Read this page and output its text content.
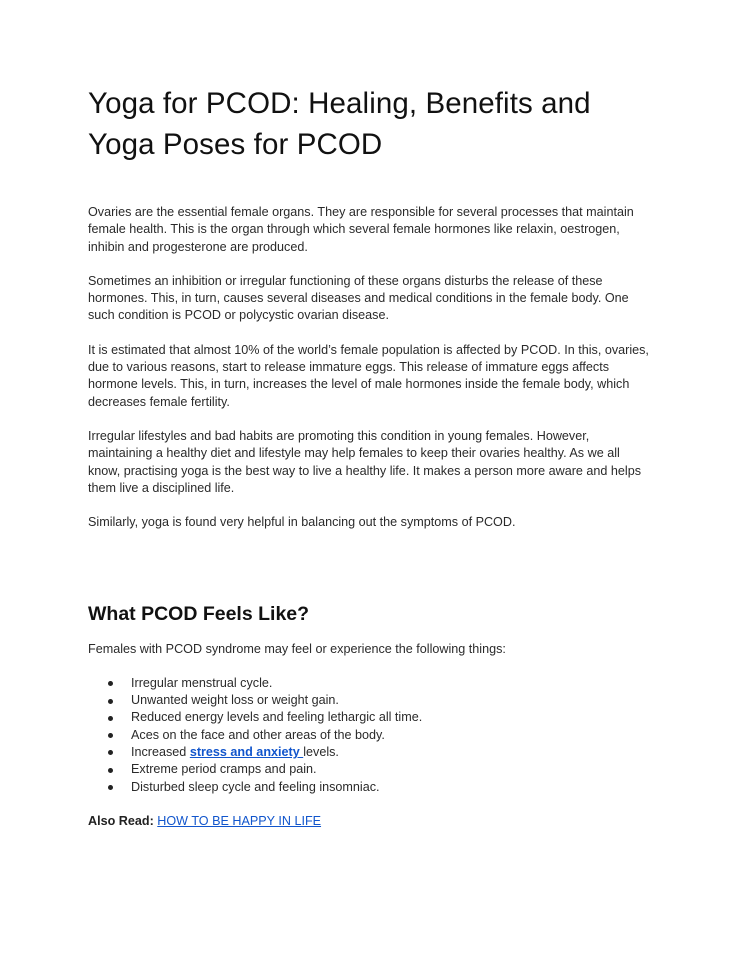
Yoga for PCOD: Healing, Benefits and Yoga Poses for PCOD

Ovaries are the essential female organs. They are responsible for several processes that maintain female health. This is the organ through which several female hormones like relaxin, oestrogen, inhibin and progesterone are produced.

Sometimes an inhibition or irregular functioning of these organs disturbs the release of these hormones. This, in turn, causes several diseases and medical conditions in the female body. One such condition is PCOD or polycystic ovarian disease.

It is estimated that almost 10% of the world’s female population is affected by PCOD. In this, ovaries, due to various reasons, start to release immature eggs. This release of immature eggs affects hormone levels. This, in turn, increases the level of male hormones inside the female body, which decreases female fertility.

Irregular lifestyles and bad habits are promoting this condition in young females. However, maintaining a healthy diet and lifestyle may help females to keep their ovaries healthy. As we all know, practising yoga is the best way to live a healthy life. It makes a person more aware and helps them live a disciplined life.

Similarly, yoga is found very helpful in balancing out the symptoms of PCOD.

What PCOD Feels Like?

Females with PCOD syndrome may feel or experience the following things:

Irregular menstrual cycle.
Unwanted weight loss or weight gain.
Reduced energy levels and feeling lethargic all time.
Aces on the face and other areas of the body.
Increased stress and anxiety levels.
Extreme period cramps and pain.
Disturbed sleep cycle and feeling insomniac.

Also Read: HOW TO BE HAPPY IN LIFE
